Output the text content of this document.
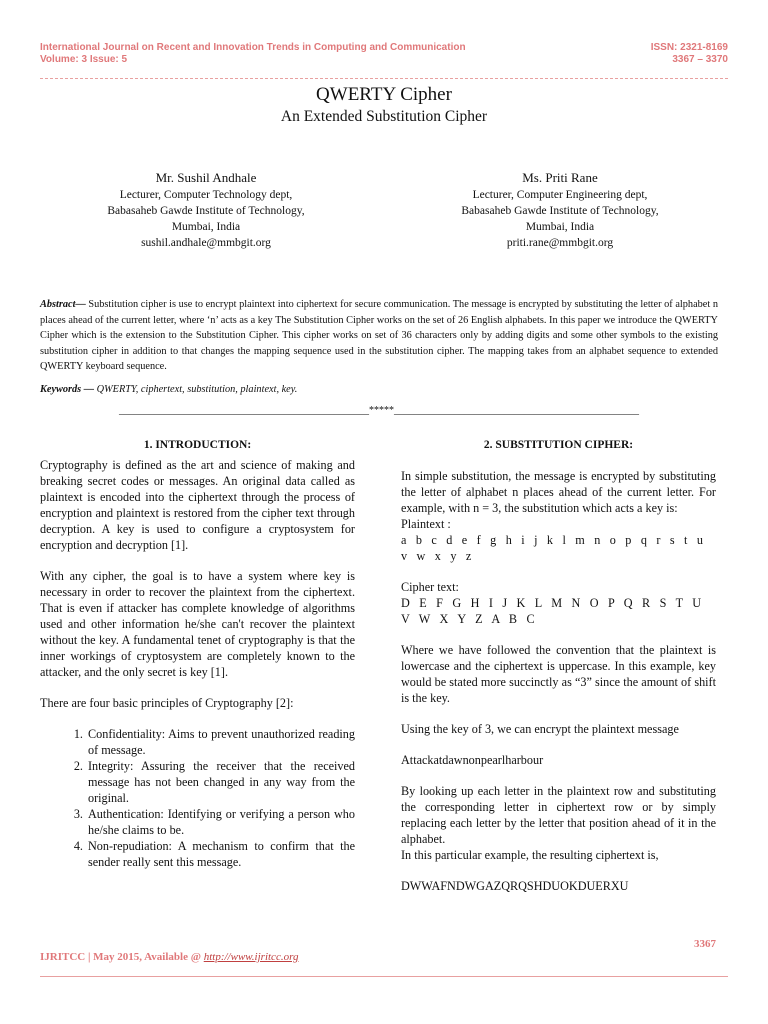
International Journal on Recent and Innovation Trends in Computing and Communication
Volume: 3 Issue: 5
ISSN: 2321-8169
3367 – 3370
QWERTY Cipher
An Extended Substitution Cipher
Mr. Sushil Andhale
Lecturer, Computer Technology dept,
Babasaheb Gawde Institute of Technology,
Mumbai, India
sushil.andhale@mmbgit.org
Ms. Priti Rane
Lecturer, Computer Engineering dept,
Babasaheb Gawde Institute of Technology,
Mumbai, India
priti.rane@mmbgit.org
Abstract— Substitution cipher is use to encrypt plaintext into ciphertext for secure communication. The message is encrypted by substituting the letter of alphabet n places ahead of the current letter, where ‘n’ acts as a key The Substitution Cipher works on the set of 26 English alphabets. In this paper we introduce the QWERTY Cipher which is the extension to the Substitution Cipher. This cipher works on set of 36 characters only by adding digits and some other symbols to the existing substitution cipher in addition to that changes the mapping sequence used in the substitution cipher. The mapping takes from an alphabet sequence to extended QWERTY keyboard sequence.
Keywords — QWERTY, ciphertext, substitution, plaintext, key.
__________________________________________________*****_________________________________________________
1. INTRODUCTION:

Cryptography is defined as the art and science of making and breaking secret codes or messages. An original data called as plaintext is encoded into the ciphertext through the process of encryption and plaintext is restored from the cipher text through decryption. A key is used to configure a cryptosystem for encryption and decryption [1].

With any cipher, the goal is to have a system where key is necessary in order to recover the plaintext from the ciphertext. That is even if attacker has complete knowledge of algorithms used and other information he/she can't recover the plaintext without the key. A fundamental tenet of cryptography is that the inner workings of cryptosystem are completely known to the attacker, and the only secret is key [1].

There are four basic principles of Cryptography [2]:

1. Confidentiality: Aims to prevent unauthorized reading of message.
2. Integrity: Assuring the receiver that the received message has not been changed in any way from the original.
3. Authentication: Identifying or verifying a person who he/she claims to be.
4. Non-repudiation: A mechanism to confirm that the sender really sent this message.
2. SUBSTITUTION CIPHER:

In simple substitution, the message is encrypted by substituting the letter of alphabet n places ahead of the current letter. For example, with n = 3, the substitution which acts a key is:

Plaintext :

a b c d e f g h i j k l m n o p q r s t u v w x y z

Cipher text:

D E F G H I J K L M N O P Q R S T U V W X Y Z A B C

Where we have followed the convention that the plaintext is lowercase and the ciphertext is uppercase. In this example, key would be stated more succinctly as “3” since the amount of shift is the key.

Using the key of 3, we can encrypt the plaintext message

Attackatdawnonpearlharbour

By looking up each letter in the plaintext row and substituting the corresponding letter in ciphertext row or by simply replacing each letter by the letter that position ahead of it in the alphabet.

In this particular example, the resulting ciphertext is,

DWWAFNDWGAZQRQSHDUOKDUERXU

3367
IJRITCC | May 2015, Available @ http://www.ijritcc.org
